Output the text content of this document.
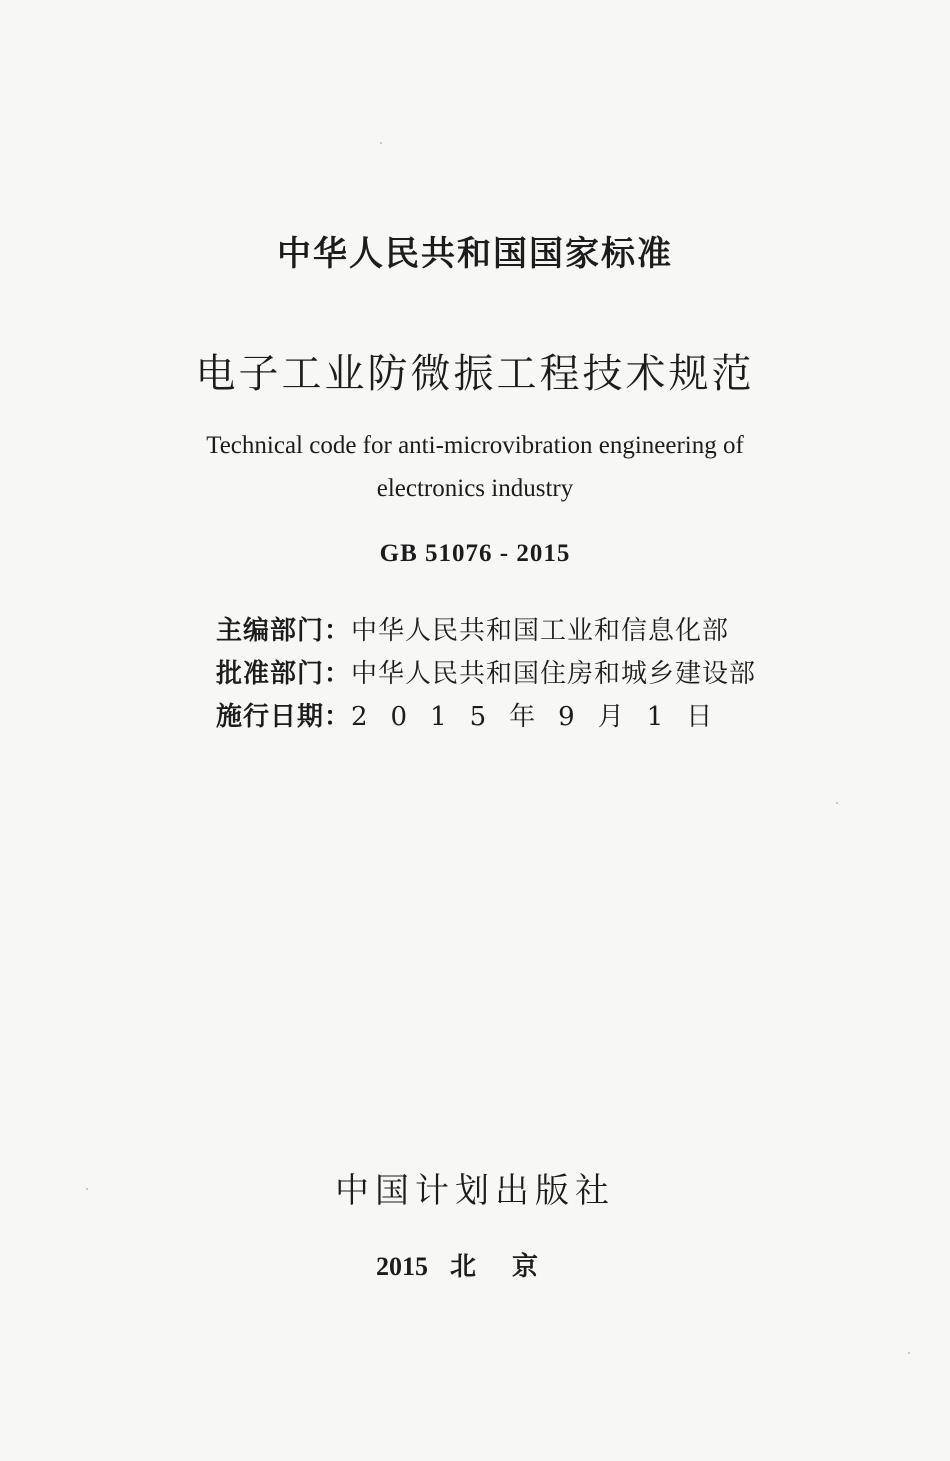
中华人民共和国国家标准
电子工业防微振工程技术规范
Technical code for anti-microvibration engineering of
electronics industry
GB 51076 - 2015
主编部门：中华人民共和国工业和信息化部
批准部门：中华人民共和国住房和城乡建设部
施行日期：2015年9月1日
中国计划出版社
2015 北京
